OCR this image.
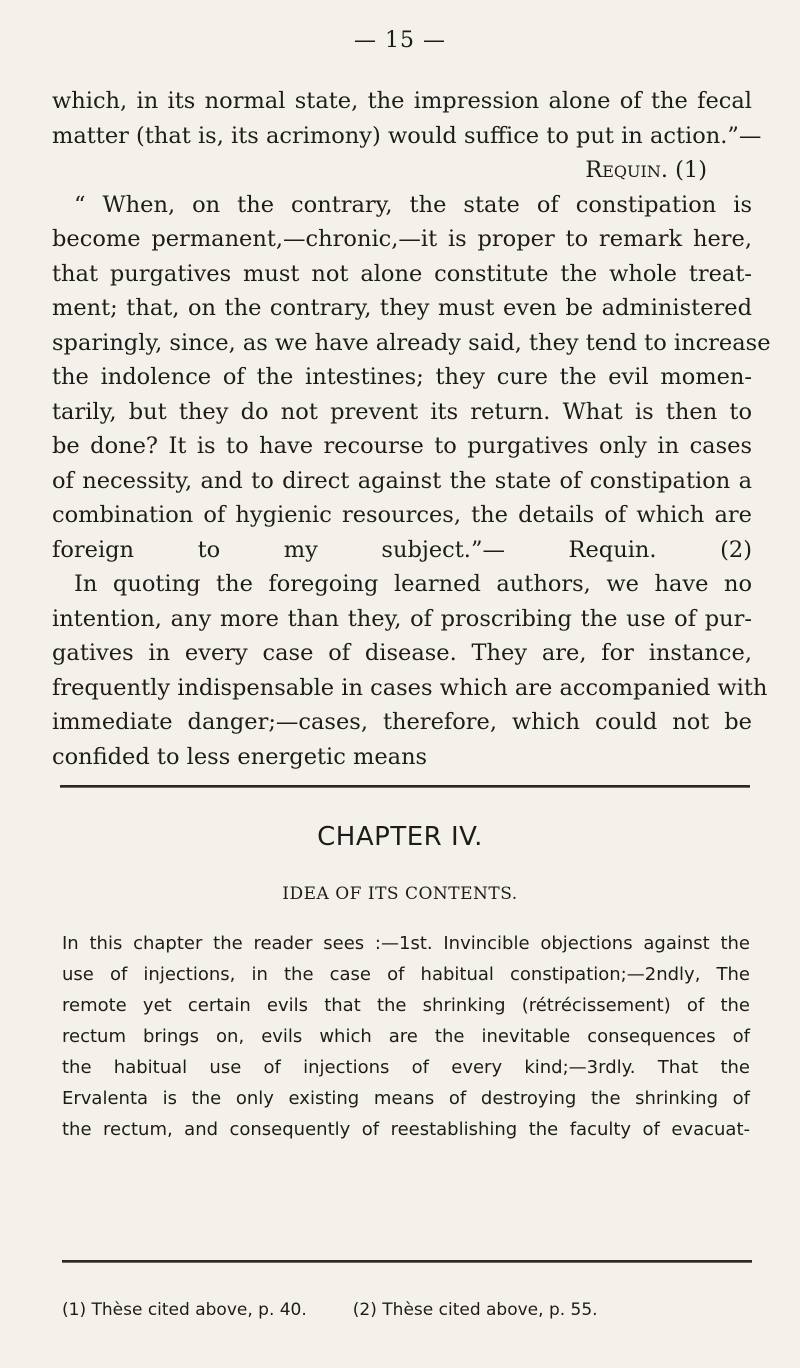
— 15 —
which, in its normal state, the impression alone of the fecal
matter (that is, its acrimony) would suffice to put in action.”—
Requin. (1)
“ When, on the contrary, the state of constipation is
become permanent,—chronic,—it is proper to remark here,
that purgatives must not alone constitute the whole treat-
ment; that, on the contrary, they must even be administered
sparingly, since, as we have already said, they tend to increase
the indolence of the intestines; they cure the evil momen-
tarily, but they do not prevent its return. What is then to
be done? It is to have recourse to purgatives only in cases
of necessity, and to direct against the state of constipation a
combination of hygienic resources, the details of which are
foreign to my subject.”— Requin. (2)
In quoting the foregoing learned authors, we have no
intention, any more than they, of proscribing the use of pur-
gatives in every case of disease. They are, for instance,
frequently indispensable in cases which are accompanied with
immediate danger;—cases, therefore, which could not be
confided to less energetic means
CHAPTER IV.
IDEA OF ITS CONTENTS.
In this chapter the reader sees :—1st. Invincible objections against the
use of injections, in the case of habitual constipation;—2ndly, The
remote yet certain evils that the shrinking (rétrécissement) of the
rectum brings on, evils which are the inevitable consequences of
the habitual use of injections of every kind;—3rdly. That the
Ervalenta is the only existing means of destroying the shrinking of
the rectum, and consequently of reestablishing the faculty of evacuat-
(1) Thèse cited above, p. 40.	(2) Thèse cited above, p. 55.
